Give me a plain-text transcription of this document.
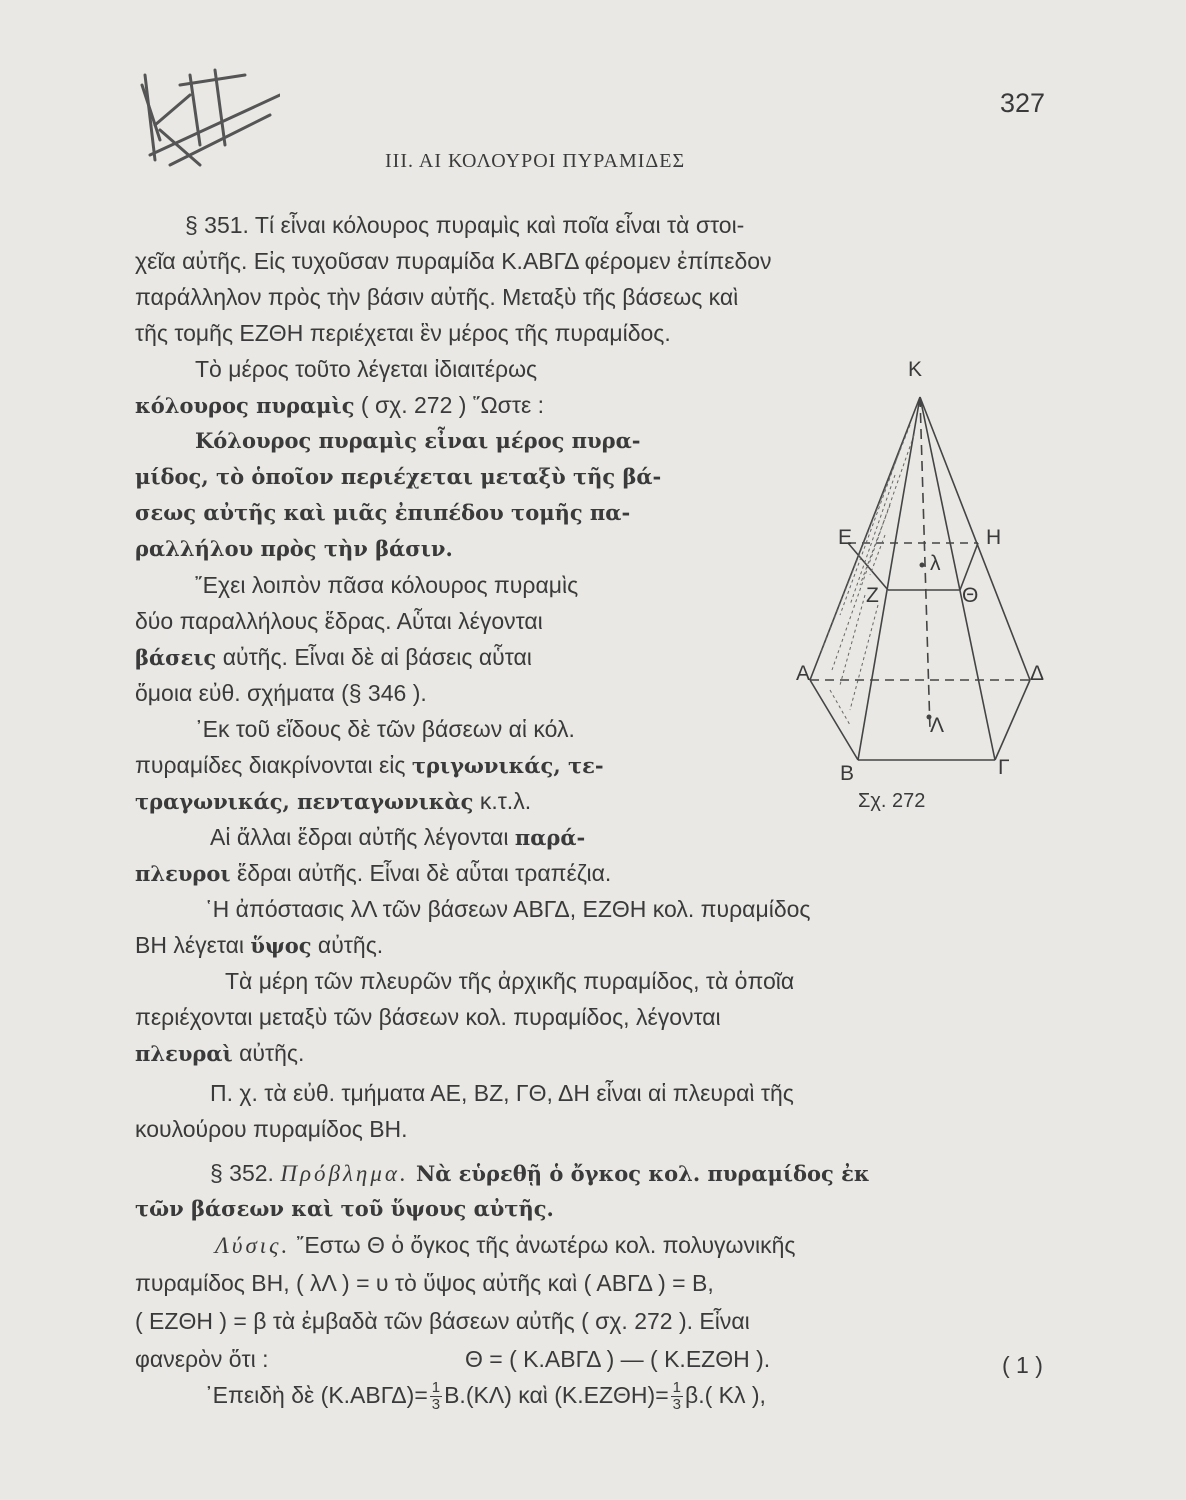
327
ΙΙΙ. ΑΙ ΚΟΛΟΥΡΟΙ ΠΥΡΑΜΙΔΕΣ
§ 351. Τί εἶναι κόλουρος πυραμὶς καὶ ποῖα εἶναι τὰ στοι-
χεῖα αὐτῆς. Εἰς τυχοῦσαν πυραμίδα Κ.ΑΒΓΔ φέρομεν ἐπίπεδον
παράλληλον πρὸς τὴν βάσιν αὐτῆς. Μεταξὺ τῆς βάσεως καὶ
τῆς τομῆς ΕΖΘΗ περιέχεται ἓν μέρος τῆς πυραμίδος.
Τὸ μέρος τοῦτο λέγεται ἰδιαιτέρως
κόλουρος πυραμὶς ( σχ. 272 ) ῞Ωστε :
Κόλουρος πυραμὶς εἶναι μέρος πυρα-
μίδος, τὸ ὁποῖον περιέχεται μεταξὺ τῆς βά-
σεως αὐτῆς καὶ μιᾶς ἐπιπέδου τομῆς πα-
ραλλήλου πρὸς τὴν βάσιν.
῎Εχει λοιπὸν πᾶσα κόλουρος πυραμὶς
δύο παραλλήλους ἕδρας. Αὗται λέγονται
βάσεις αὐτῆς. Εἶναι δὲ αἱ βάσεις αὗται
ὅμοια εὐθ. σχήματα (§ 346 ).
᾿Εκ τοῦ εἴδους δὲ τῶν βάσεων αἱ κόλ.
πυραμίδες διακρίνονται εἰς τριγωνικάς, τε-
τραγωνικάς, πενταγωνικὰς κ.τ.λ.
Αἱ ἄλλαι ἕδραι αὐτῆς λέγονται παρά-
πλευροι ἕδραι αὐτῆς. Εἶναι δὲ αὗται τραπέζια.
῾Η ἀπόστασις λΛ τῶν βάσεων ΑΒΓΔ, ΕΖΘΗ κολ. πυραμίδος
ΒΗ λέγεται ὕψος αὐτῆς.
Τὰ μέρη τῶν πλευρῶν τῆς ἀρχικῆς πυραμίδος, τὰ ὁποῖα
περιέχονται μεταξὺ τῶν βάσεων κολ. πυραμίδος, λέγονται
πλευραὶ αὐτῆς.
Π. χ. τὰ εὐθ. τμήματα ΑΕ, ΒΖ, ΓΘ, ΔΗ εἶναι αἱ πλευραὶ τῆς
κουλούρου πυραμίδος ΒΗ.
§ 352. Πρόβλημα. Νὰ εὑρεθῇ ὁ ὄγκος κολ. πυραμίδος ἐκ
τῶν βάσεων καὶ τοῦ ὕψους αὐτῆς.
Λύσις. ῎Εστω Θ ὁ ὄγκος τῆς ἀνωτέρω κολ. πολυγωνικῆς
πυραμίδος ΒΗ, ( λΛ ) = υ τὸ ὕψος αὐτῆς καὶ ( ΑΒΓΔ ) = Β,
( ΕΖΘΗ ) = β τὰ ἐμβαδὰ τῶν βάσεων αὐτῆς ( σχ. 272 ). Εἶναι
φανερὸν ὅτι :	Θ = ( Κ.ΑΒΓΔ ) — ( Κ.ΕΖΘΗ ).	( 1 )
᾿Επειδὴ δὲ $(K.AB\Gamma\Delta)= \frac{1}{3} B.(K\Lambda)$ καὶ $(K.EZ\Theta H)= \frac{1}{3} \beta$.( Κλ ),
Κ
Ε	Η
λ
Ζ	Θ
Α	Δ
Λ
Β	Γ
Σχ. 272
